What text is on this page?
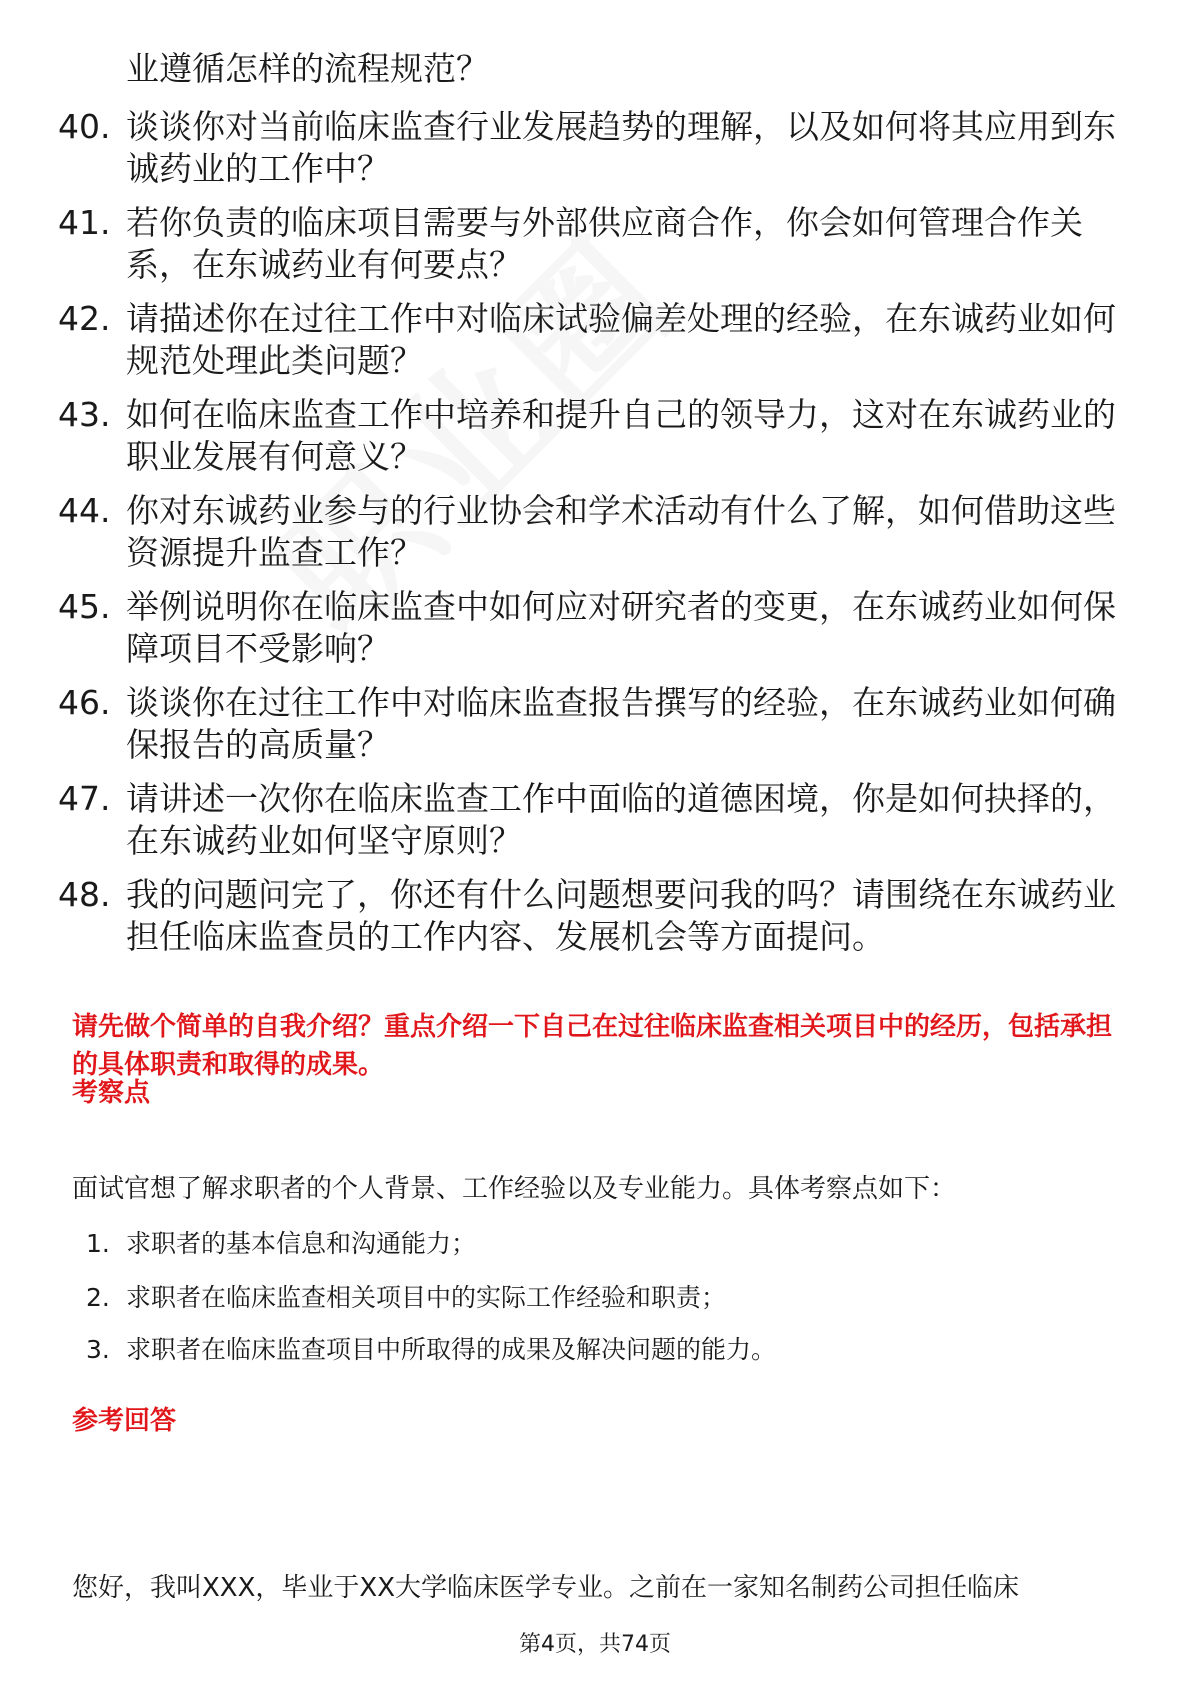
业遵循怎样的流程规范？
40. 谈谈你对当前临床监查行业发展趋势的理解，以及如何将其应用到东诚药业的工作中？
41. 若你负责的临床项目需要与外部供应商合作，你会如何管理合作关系，在东诚药业有何要点？
42. 请描述你在过往工作中对临床试验偏差处理的经验，在东诚药业如何规范处理此类问题？
43. 如何在临床监查工作中培养和提升自己的领导力，这对在东诚药业的职业发展有何意义？
44. 你对东诚药业参与的行业协会和学术活动有什么了解，如何借助这些资源提升监查工作？
45. 举例说明你在临床监查中如何应对研究者的变更，在东诚药业如何保障项目不受影响？
46. 谈谈你在过往工作中对临床监查报告撰写的经验，在东诚药业如何确保报告的高质量？
47. 请讲述一次你在临床监查工作中面临的道德困境，你是如何抉择的，在东诚药业如何坚守原则？
48. 我的问题问完了，你还有什么问题想要问我的吗？请围绕在东诚药业担任临床监查员的工作内容、发展机会等方面提问。
请先做个简单的自我介绍？重点介绍一下自己在过往临床监查相关项目中的经历，包括承担的具体职责和取得的成果。
考察点
面试官想了解求职者的个人背景、工作经验以及专业能力。具体考察点如下：
1. 求职者的基本信息和沟通能力；
2. 求职者在临床监查相关项目中的实际工作经验和职责；
3. 求职者在临床监查项目中所取得的成果及解决问题的能力。
参考回答
您好，我叫XXX，毕业于XX大学临床医学专业。之前在一家知名制药公司担任临床
第4页，共74页
